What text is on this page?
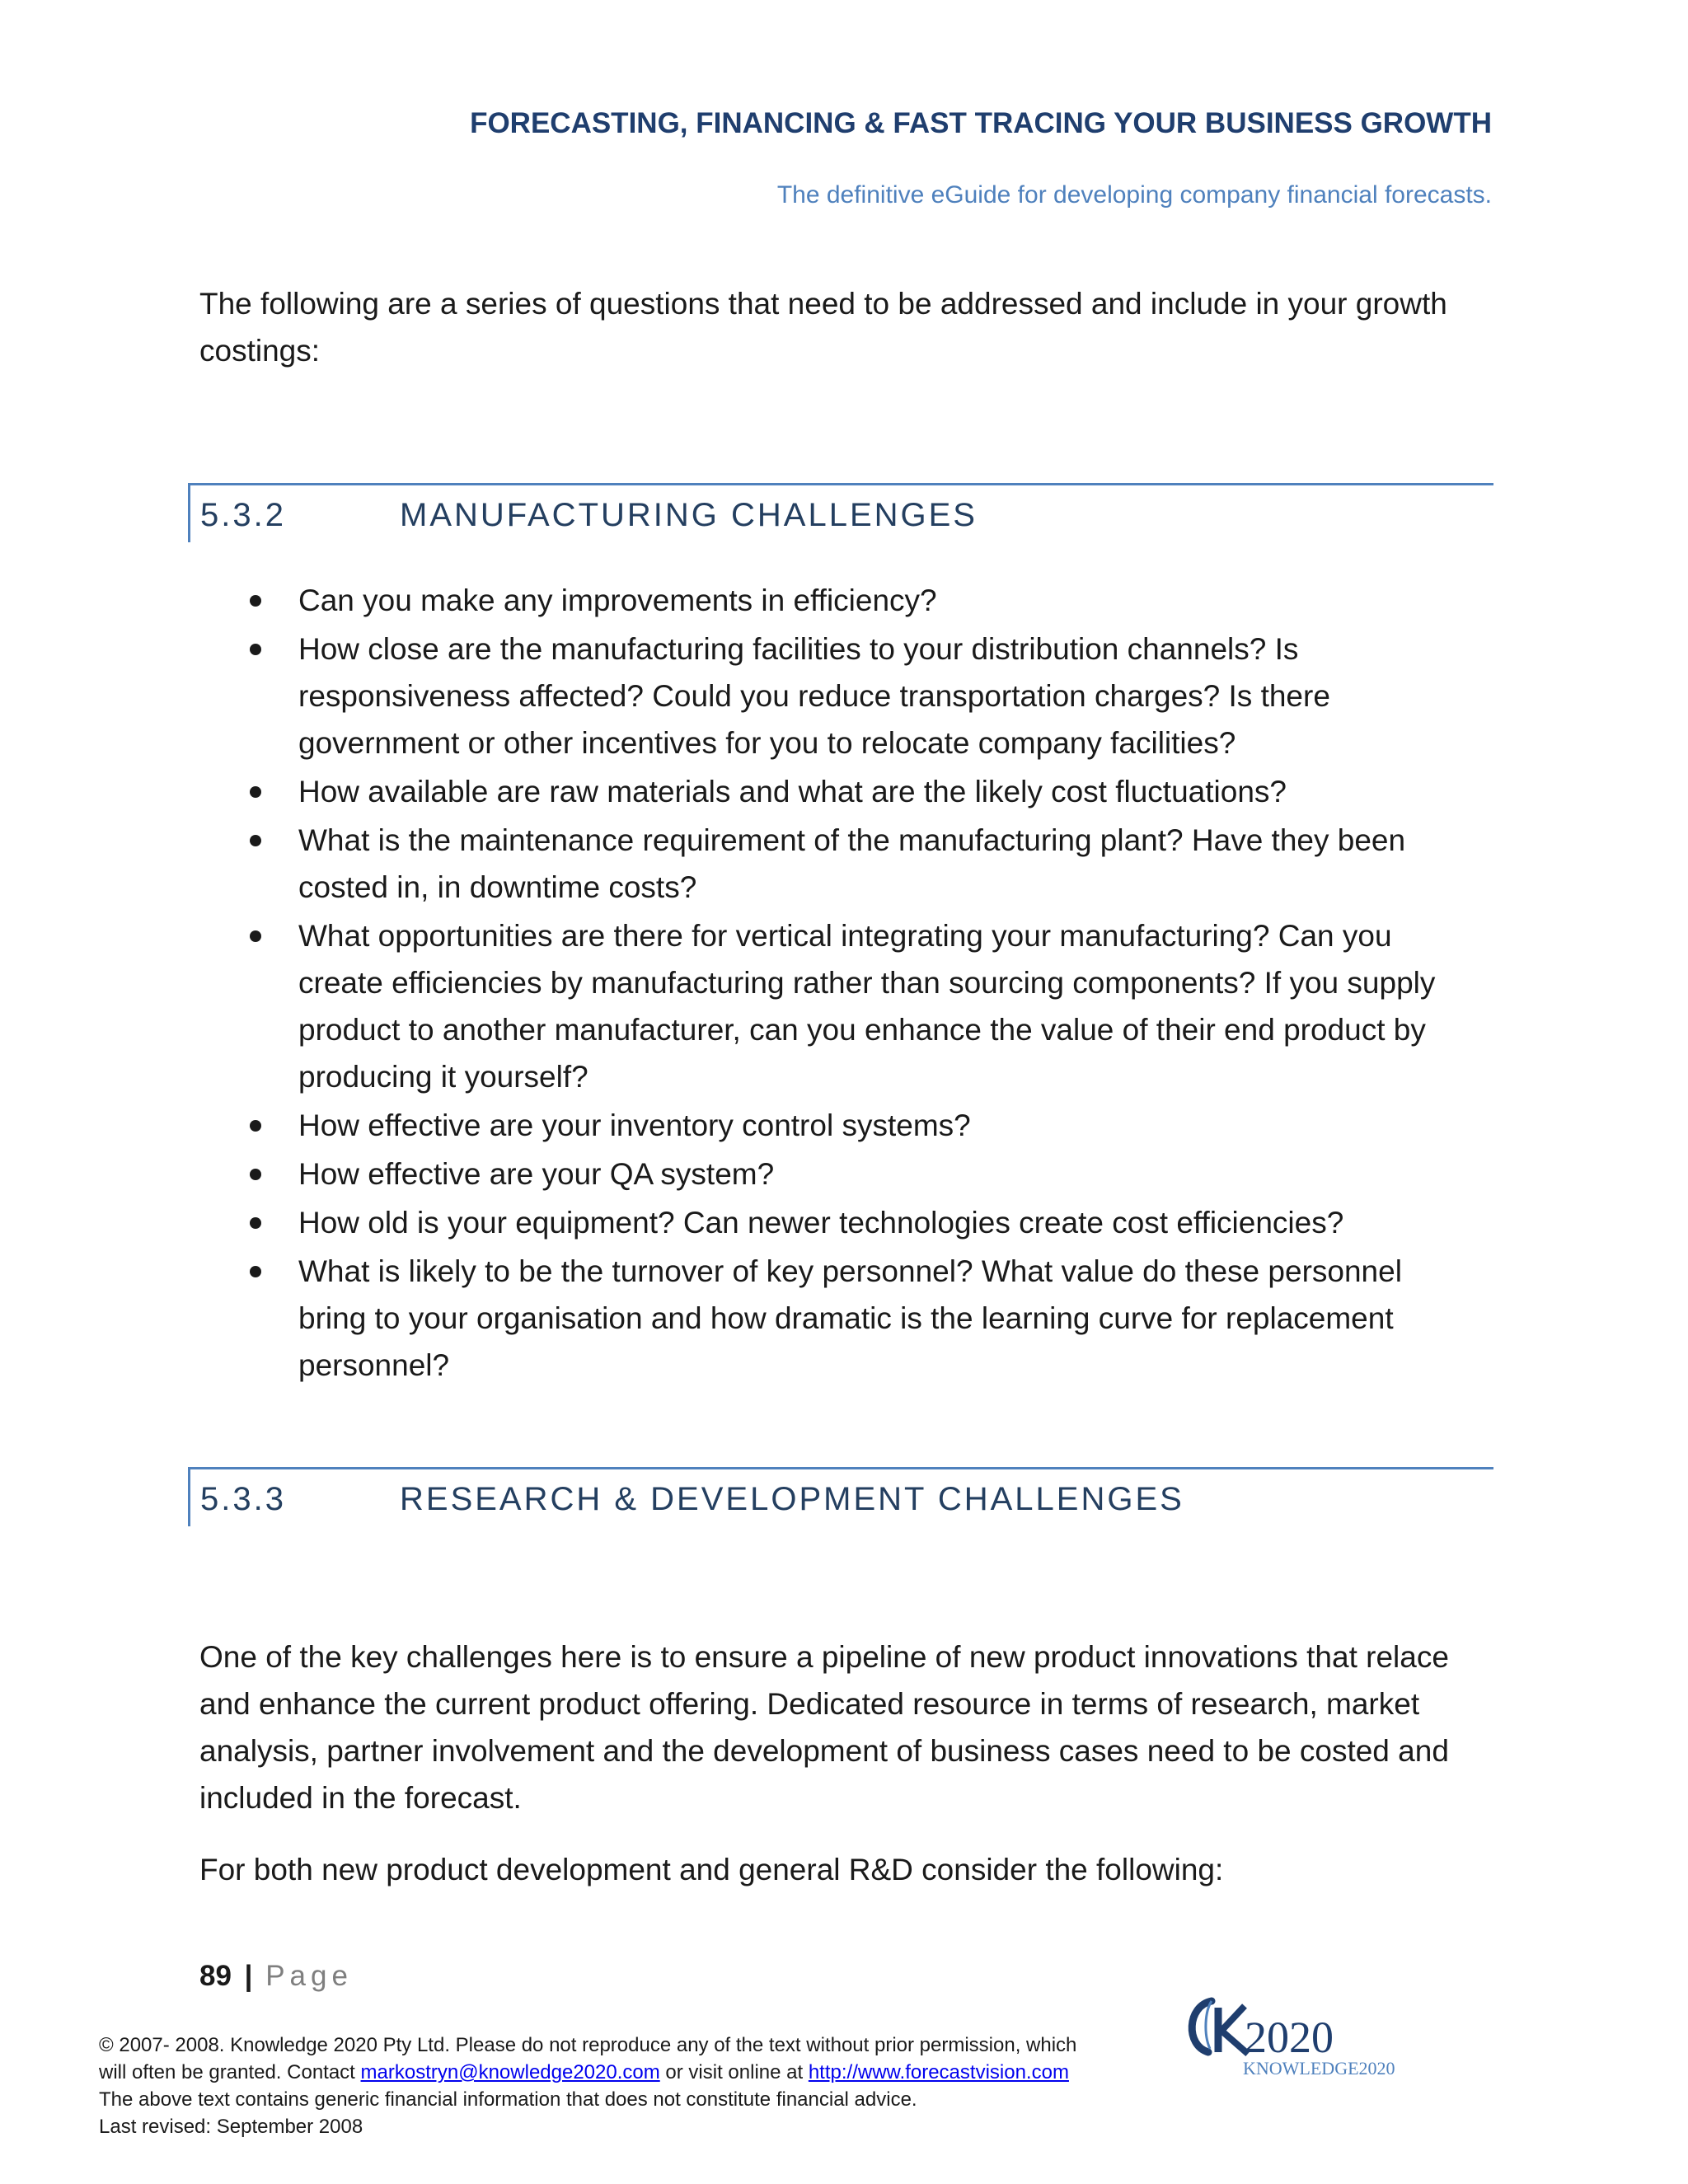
FORECASTING, FINANCING & FAST TRACING YOUR BUSINESS GROWTH
The definitive eGuide for developing company financial forecasts.

The following are a series of questions that need to be addressed and include in your growth costings:

5.3.2	MANUFACTURING CHALLENGES
Can you make any improvements in efficiency?
How close are the manufacturing facilities to your distribution channels? Is responsiveness affected? Could you reduce transportation charges? Is there government or other incentives for you to relocate company facilities?
How available are raw materials and what are the likely cost fluctuations?
What is the maintenance requirement of the manufacturing plant? Have they been costed in, in downtime costs?
What opportunities are there for vertical integrating your manufacturing? Can you create efficiencies by manufacturing rather than sourcing components? If you supply product to another manufacturer, can you enhance the value of their end product by producing it yourself?
How effective are your inventory control systems?
How effective are your QA system?
How old is your equipment? Can newer technologies create cost efficiencies?
What is likely to be the turnover of key personnel? What value do these personnel bring to your organisation and how dramatic is the learning curve for replacement personnel?
5.3.3	RESEARCH & DEVELOPMENT CHALLENGES

One of the key challenges here is to ensure a pipeline of new product innovations that relace and enhance the current product offering. Dedicated resource in terms of research, market analysis, partner involvement and the development of business cases need to be costed and included in the forecast.

For both new product development and general R&D consider the following:

89 | Page
© 2007- 2008. Knowledge 2020 Pty Ltd. Please do not reproduce any of the text without prior permission, which
will often be granted. Contact markostryn@knowledge2020.com or visit online at http://www.forecastvision.com
The above text contains generic financial information that does not constitute financial advice.
Last revised: September 2008
2020
KNOWLEDGE2020
